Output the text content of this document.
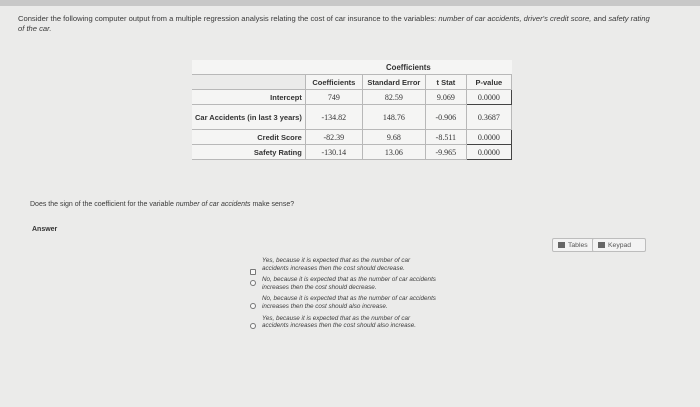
Consider the following computer output from a multiple regression analysis relating the cost of car insurance to the variables: number of car accidents, driver's credit score, and safety rating of the car.
	Coefficients			
	Coefficients	Standard Error	t Stat	P-value
Intercept	749	82.59	9.069	0.0000
Car Accidents (in last 3 years)	-134.82	148.76	-0.906	0.3687
Credit Score	-82.39	9.68	-8.511	0.0000
Safety Rating	-130.14	13.06	-9.965	0.0000
Does the sign of the coefficient for the variable number of car accidents make sense?
Answer
Tables	Keypad
Yes, because it is expected that as the number of car accidents increases then the cost should decrease.
No, because it is expected that as the number of car accidents increases then the cost should decrease.
No, because it is expected that as the number of car accidents increases then the cost should also increase.
Yes, because it is expected that as the number of car accidents increases then the cost should also increase.
